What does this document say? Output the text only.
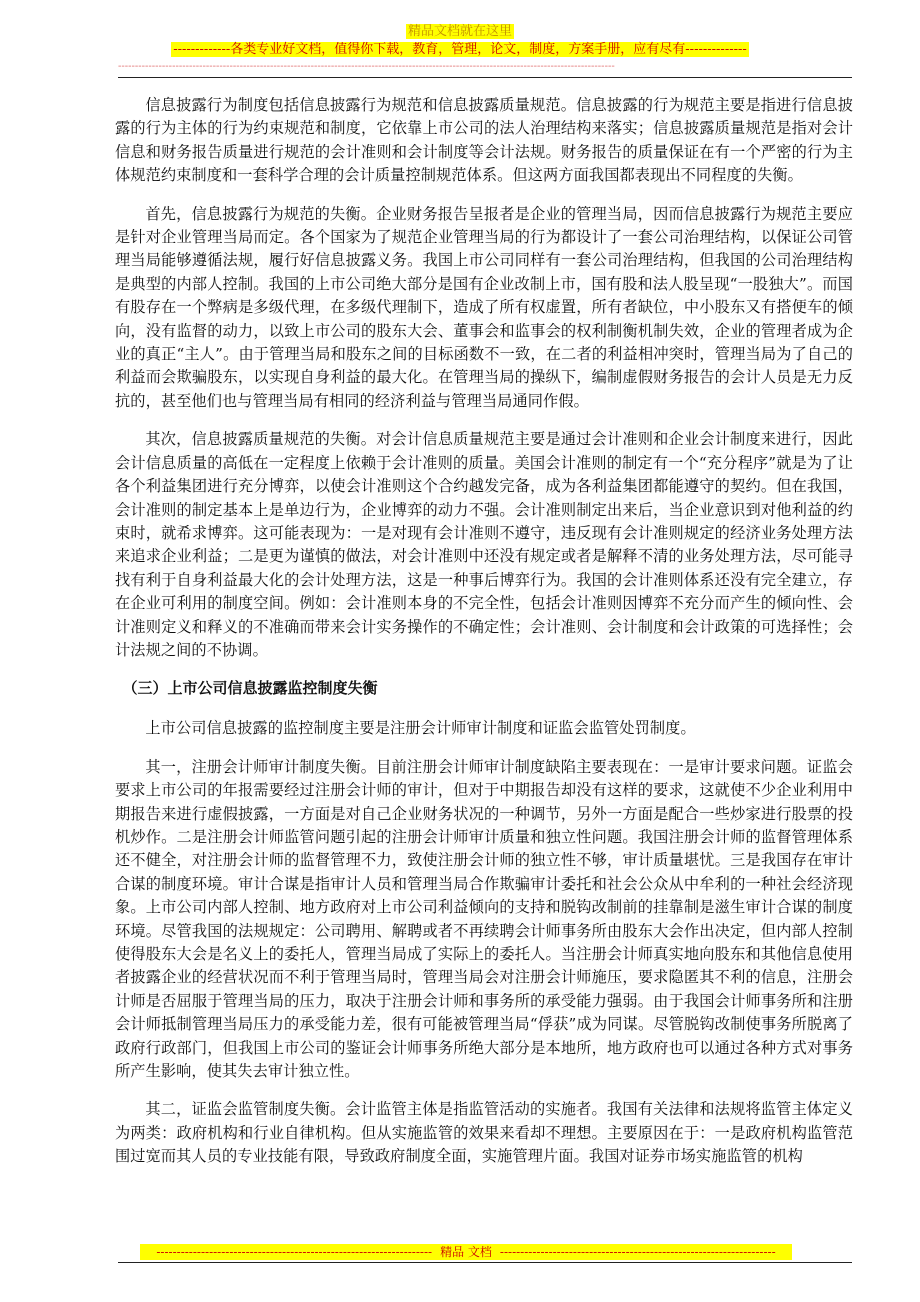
精品文档就在这里
-------------各类专业好文档，值得你下载，教育，管理，论文，制度，方案手册，应有尽有--------------
---------------------------------------------------------------------------------------------------------------------------------------------------

信息披露行为制度包括信息披露行为规范和信息披露质量规范。信息披露的行为规范主要是指进行信息披露的行为主体的行为约束规范和制度，它依靠上市公司的法人治理结构来落实；信息披露质量规范是指对会计信息和财务报告质量进行规范的会计准则和会计制度等会计法规。财务报告的质量保证在有一个严密的行为主体规范约束制度和一套科学合理的会计质量控制规范体系。但这两方面我国都表现出不同程度的失衡。

首先，信息披露行为规范的失衡。企业财务报告呈报者是企业的管理当局，因而信息披露行为规范主要应是针对企业管理当局而定。各个国家为了规范企业管理当局的行为都设计了一套公司治理结构，以保证公司管理当局能够遵循法规，履行好信息披露义务。我国上市公司同样有一套公司治理结构，但我国的公司治理结构是典型的内部人控制。我国的上市公司绝大部分是国有企业改制上市，国有股和法人股呈现“一股独大”。而国有股存在一个弊病是多级代理，在多级代理制下，造成了所有权虚置，所有者缺位，中小股东又有搭便车的倾向，没有监督的动力，以致上市公司的股东大会、董事会和监事会的权利制衡机制失效，企业的管理者成为企业的真正“主人”。由于管理当局和股东之间的目标函数不一致，在二者的利益相冲突时，管理当局为了自己的利益而会欺骗股东，以实现自身利益的最大化。在管理当局的操纵下，编制虚假财务报告的会计人员是无力反抗的，甚至他们也与管理当局有相同的经济利益与管理当局通同作假。

其次，信息披露质量规范的失衡。对会计信息质量规范主要是通过会计准则和企业会计制度来进行，因此会计信息质量的高低在一定程度上依赖于会计准则的质量。美国会计准则的制定有一个“充分程序”就是为了让各个利益集团进行充分博弈，以使会计准则这个合约越发完备，成为各利益集团都能遵守的契约。但在我国，会计准则的制定基本上是单边行为，企业博弈的动力不强。会计准则制定出来后，当企业意识到对他利益的约束时，就希求博弈。这可能表现为：一是对现有会计准则不遵守，违反现有会计准则规定的经济业务处理方法来追求企业利益；二是更为谨慎的做法，对会计准则中还没有规定或者是解释不清的业务处理方法，尽可能寻找有利于自身利益最大化的会计处理方法，这是一种事后博弈行为。我国的会计准则体系还没有完全建立，存在企业可利用的制度空间。例如：会计准则本身的不完全性，包括会计准则因博弈不充分而产生的倾向性、会计准则定义和释义的不准确而带来会计实务操作的不确定性；会计准则、会计制度和会计政策的可选择性；会计法规之间的不协调。

（三）上市公司信息披露监控制度失衡

上市公司信息披露的监控制度主要是注册会计师审计制度和证监会监管处罚制度。

其一，注册会计师审计制度失衡。目前注册会计师审计制度缺陷主要表现在：一是审计要求问题。证监会要求上市公司的年报需要经过注册会计师的审计，但对于中期报告却没有这样的要求，这就使不少企业利用中期报告来进行虚假披露，一方面是对自己企业财务状况的一种调节，另外一方面是配合一些炒家进行股票的投机炒作。二是注册会计师监管问题引起的注册会计师审计质量和独立性问题。我国注册会计师的监督管理体系还不健全，对注册会计师的监督管理不力，致使注册会计师的独立性不够，审计质量堪忧。三是我国存在审计合谋的制度环境。审计合谋是指审计人员和管理当局合作欺骗审计委托和社会公众从中牟利的一种社会经济现象。上市公司内部人控制、地方政府对上市公司利益倾向的支持和脱钩改制前的挂靠制是滋生审计合谋的制度环境。尽管我国的法规规定：公司聘用、解聘或者不再续聘会计师事务所由股东大会作出决定，但内部人控制使得股东大会是名义上的委托人，管理当局成了实际上的委托人。当注册会计师真实地向股东和其他信息使用者披露企业的经营状况而不利于管理当局时，管理当局会对注册会计师施压，要求隐匿其不利的信息，注册会计师是否屈服于管理当局的压力，取决于注册会计师和事务所的承受能力强弱。由于我国会计师事务所和注册会计师抵制管理当局压力的承受能力差，很有可能被管理当局“俘获”成为同谋。尽管脱钩改制使事务所脱离了政府行政部门，但我国上市公司的鉴证会计师事务所绝大部分是本地所，地方政府也可以通过各种方式对事务所产生影响，使其失去审计独立性。

其二，证监会监管制度失衡。会计监管主体是指监管活动的实施者。我国有关法律和法规将监管主体定义为两类：政府机构和行业自律机构。但从实施监管的效果来看却不理想。主要原因在于：一是政府机构监管范围过宽而其人员的专业技能有限，导致政府制度全面，实施管理片面。我国对证券市场实施监管的机构

-------------------------------------------------------------------- 精品 文档 --------------------------------------------------------------------
